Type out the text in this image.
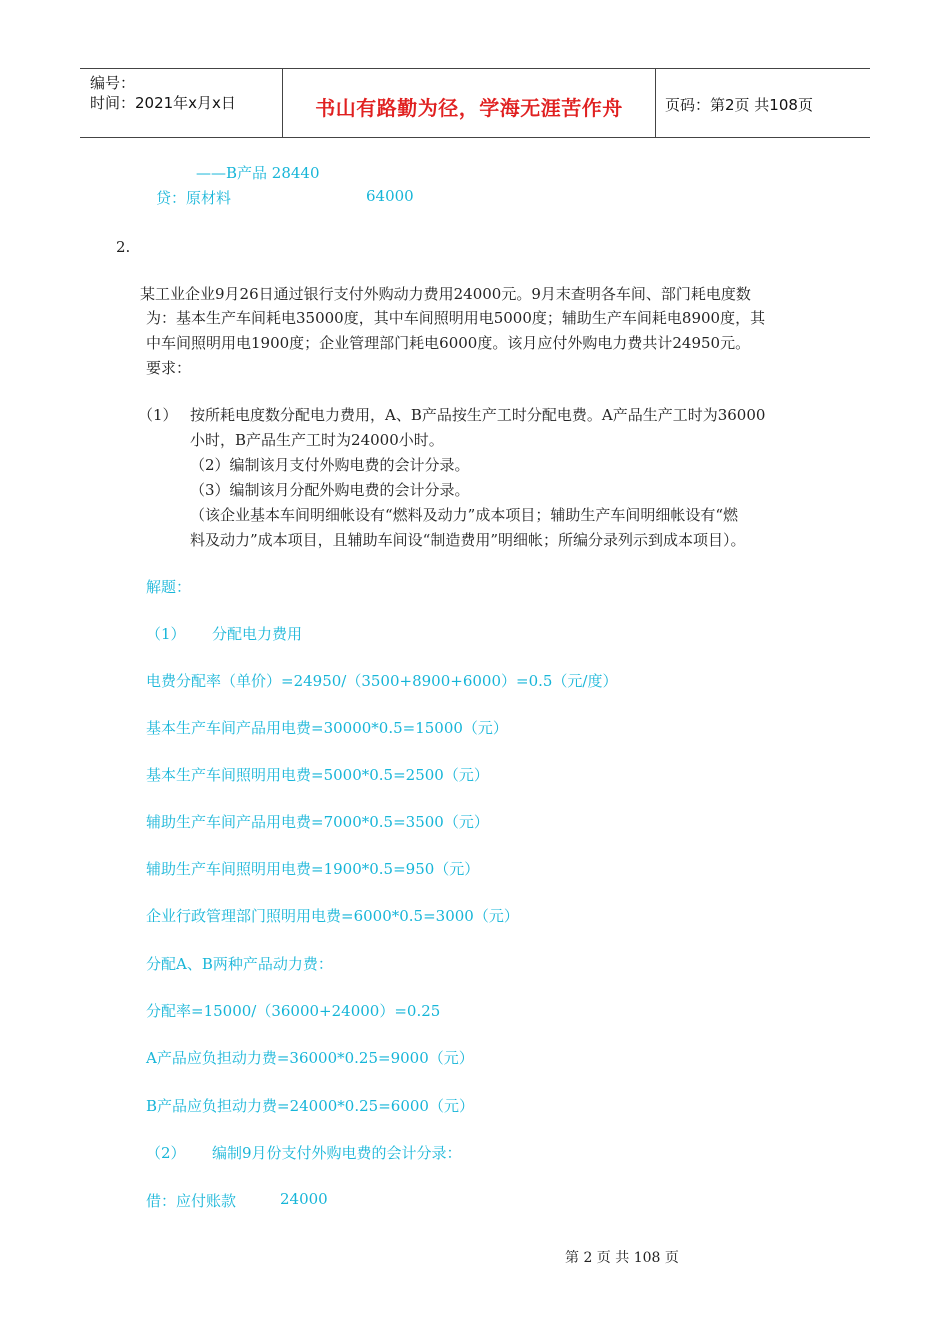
编号：
时间：2021年x月x日	书山有路勤为径，学海无涯苦作舟	页码：第2页 共108页
——B产品 28440
贷：原材料	64000
2.
某工业企业9月26日通过银行支付外购动力费用24000元。9月末查明各车间、部门耗电度数
为：基本生产车间耗电35000度，其中车间照明用电5000度；辅助生产车间耗电8900度，其
中车间照明用电1900度；企业管理部门耗电6000度。该月应付外购电力费共计24950元。
要求：
（1） 按所耗电度数分配电力费用，A、B产品按生产工时分配电费。A产品生产工时为36000
小时，B产品生产工时为24000小时。
（2）编制该月支付外购电费的会计分录。
（3）编制该月分配外购电费的会计分录。
（该企业基本车间明细帐设有“燃料及动力”成本项目；辅助生产车间明细帐设有“燃
料及动力”成本项目，且辅助车间设“制造费用”明细帐；所编分录列示到成本项目）。
解题：
（1） 分配电力费用
电费分配率（单价）=24950/（3500+8900+6000）=0.5（元/度）
基本生产车间产品用电费=30000*0.5=15000（元）
基本生产车间照明用电费=5000*0.5=2500（元）
辅助生产车间产品用电费=7000*0.5=3500（元）
辅助生产车间照明用电费=1900*0.5=950（元）
企业行政管理部门照明用电费=6000*0.5=3000（元）
分配A、B两种产品动力费：
分配率=15000/（36000+24000）=0.25
A产品应负担动力费=36000*0.25=9000（元）
B产品应负担动力费=24000*0.25=6000（元）
（2） 编制9月份支付外购电费的会计分录：
借：应付账款	24000
第 2 页 共 108 页
